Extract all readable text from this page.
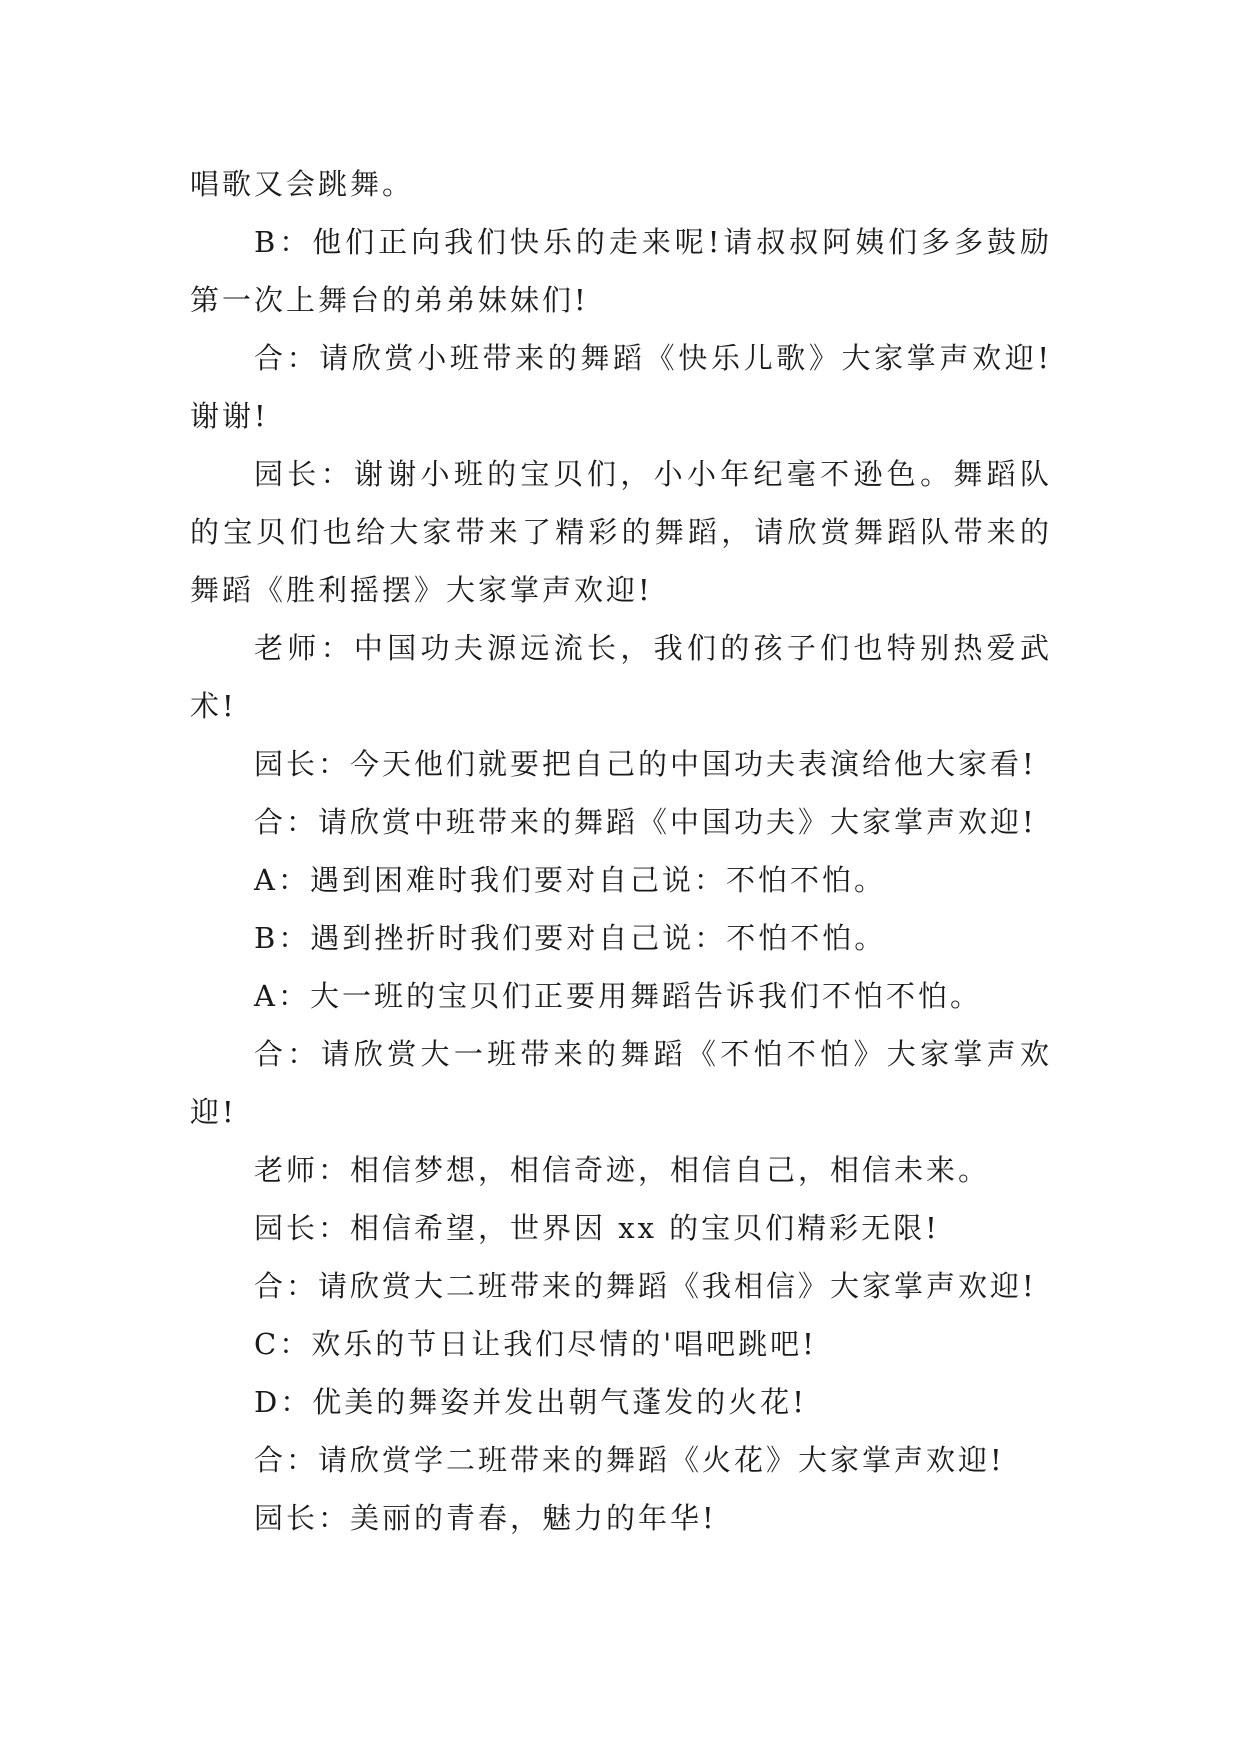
唱歌又会跳舞。

B：他们正向我们快乐的走来呢!请叔叔阿姨们多多鼓励第一次上舞台的弟弟妹妹们!

合：请欣赏小班带来的舞蹈《快乐儿歌》大家掌声欢迎!谢谢!

园长：谢谢小班的宝贝们，小小年纪毫不逊色。舞蹈队的宝贝们也给大家带来了精彩的舞蹈，请欣赏舞蹈队带来的舞蹈《胜利摇摆》大家掌声欢迎!

老师：中国功夫源远流长，我们的孩子们也特别热爱武术!

园长：今天他们就要把自己的中国功夫表演给他大家看!

合：请欣赏中班带来的舞蹈《中国功夫》大家掌声欢迎!

A：遇到困难时我们要对自己说：不怕不怕。

B：遇到挫折时我们要对自己说：不怕不怕。

A：大一班的宝贝们正要用舞蹈告诉我们不怕不怕。

合：请欣赏大一班带来的舞蹈《不怕不怕》大家掌声欢迎!

老师：相信梦想，相信奇迹，相信自己，相信未来。

园长：相信希望，世界因 xx 的宝贝们精彩无限!

合：请欣赏大二班带来的舞蹈《我相信》大家掌声欢迎!

C：欢乐的节日让我们尽情的'唱吧跳吧!

D：优美的舞姿并发出朝气蓬发的火花!

合：请欣赏学二班带来的舞蹈《火花》大家掌声欢迎!

园长：美丽的青春，魅力的年华!
